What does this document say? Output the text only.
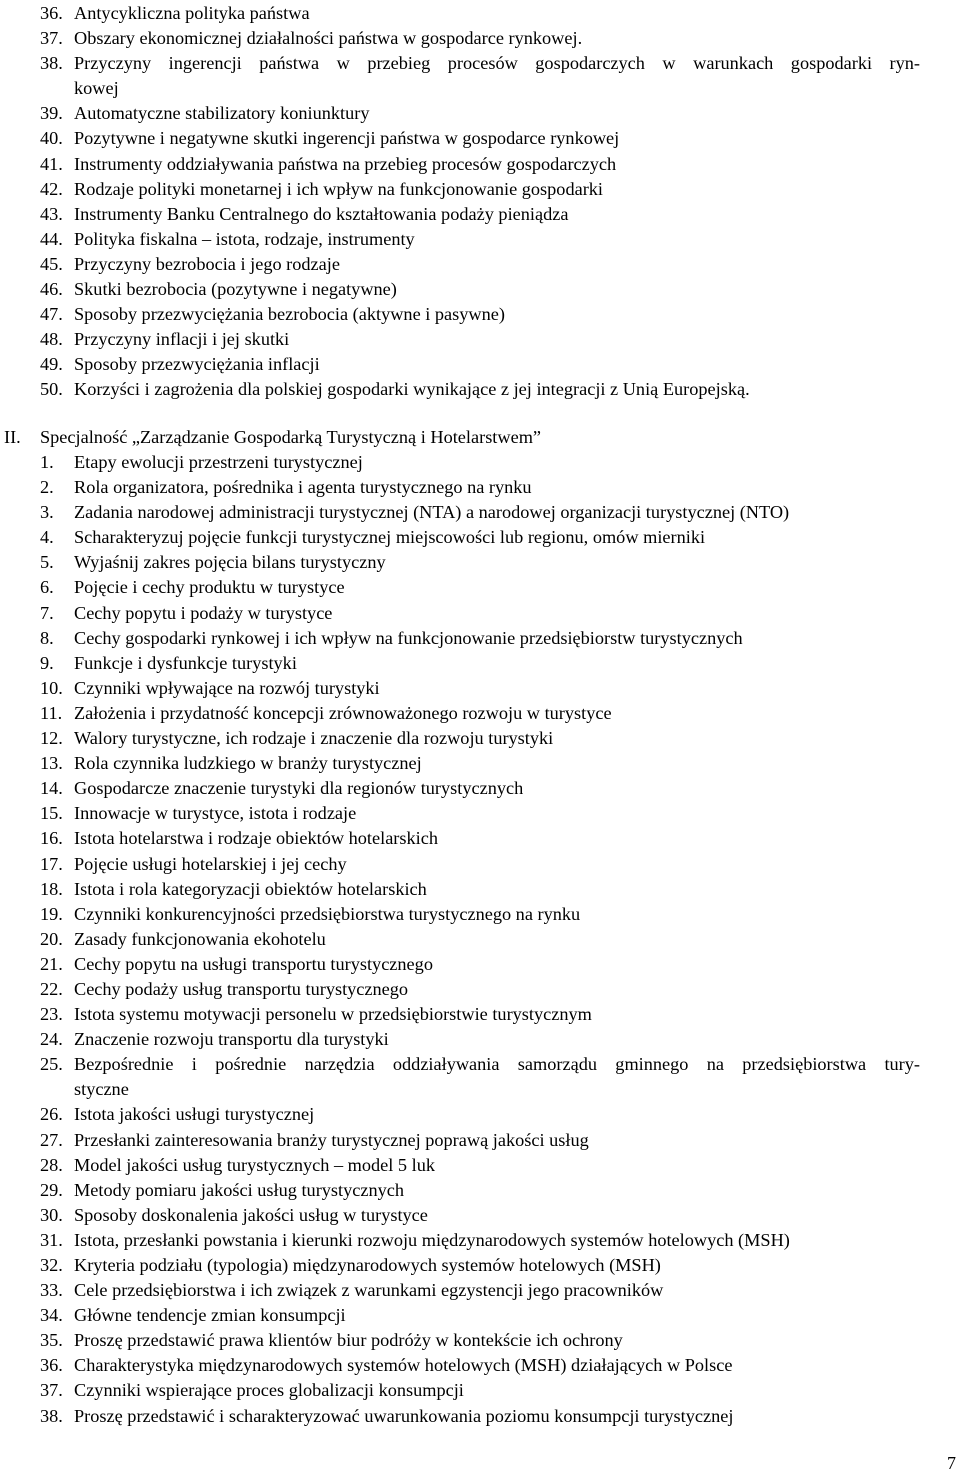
36. Antycykliczna polityka państwa
37. Obszary ekonomicznej działalności państwa w gospodarce rynkowej.
38. Przyczyny ingerencji państwa w przebieg procesów gospodarczych w warunkach gospodarki ryn-
kowej
39. Automatyczne stabilizatory koniunktury
40. Pozytywne i negatywne skutki ingerencji państwa w gospodarce rynkowej
41. Instrumenty oddziaływania państwa na przebieg procesów gospodarczych
42. Rodzaje polityki monetarnej i ich wpływ na funkcjonowanie gospodarki
43. Instrumenty Banku Centralnego do kształtowania podaży pieniądza
44. Polityka fiskalna – istota, rodzaje, instrumenty
45. Przyczyny bezrobocia i jego rodzaje
46. Skutki bezrobocia (pozytywne i negatywne)
47. Sposoby przezwyciężania bezrobocia (aktywne i pasywne)
48. Przyczyny inflacji i jej skutki
49. Sposoby przezwyciężania inflacji
50. Korzyści i zagrożenia dla polskiej gospodarki wynikające z jej integracji z Unią Europejską.
II.	Specjalność „Zarządzanie Gospodarką Turystyczną i Hotelarstwem”
1.	Etapy ewolucji przestrzeni turystycznej
2.	Rola organizatora, pośrednika i agenta turystycznego na rynku
3.	Zadania narodowej administracji turystycznej (NTA) a narodowej organizacji turystycznej (NTO)
4.	Scharakteryzuj pojęcie funkcji turystycznej miejscowości lub regionu, omów mierniki
5.	Wyjaśnij zakres pojęcia bilans turystyczny
6.	Pojęcie i cechy produktu w turystyce
7.	Cechy popytu i podaży w turystyce
8.	Cechy gospodarki rynkowej i ich wpływ na funkcjonowanie przedsiębiorstw turystycznych
9.	Funkcje i dysfunkcje turystyki
10. Czynniki wpływające na rozwój turystyki
11. Założenia i przydatność koncepcji zrównoważonego rozwoju w turystyce
12. Walory turystyczne, ich rodzaje i znaczenie dla rozwoju turystyki
13. Rola czynnika ludzkiego w branży turystycznej
14. Gospodarcze znaczenie turystyki dla regionów turystycznych
15. Innowacje w turystyce, istota i rodzaje
16. Istota hotelarstwa i rodzaje obiektów hotelarskich
17. Pojęcie usługi hotelarskiej i jej cechy
18. Istota i rola kategoryzacji obiektów hotelarskich
19. Czynniki konkurencyjności przedsiębiorstwa turystycznego na rynku
20. Zasady funkcjonowania ekohotelu
21. Cechy popytu na usługi transportu turystycznego
22. Cechy podaży usług transportu turystycznego
23. Istota systemu motywacji personelu w przedsiębiorstwie turystycznym
24. Znaczenie rozwoju transportu dla turystyki
25. Bezpośrednie i pośrednie narzędzia oddziaływania samorządu gminnego na przedsiębiorstwa tury-
styczne
26. Istota jakości usługi turystycznej
27. Przesłanki zainteresowania branży turystycznej poprawą jakości usług
28. Model jakości usług turystycznych – model 5 luk
29. Metody pomiaru jakości usług turystycznych
30. Sposoby doskonalenia jakości usług w turystyce
31. Istota, przesłanki powstania i kierunki rozwoju międzynarodowych systemów hotelowych (MSH)
32. Kryteria podziału (typologia) międzynarodowych systemów hotelowych (MSH)
33. Cele przedsiębiorstwa i ich związek z warunkami egzystencji jego pracowników
34. Główne tendencje zmian konsumpcji
35. Proszę przedstawić prawa klientów biur podróży w kontekście ich ochrony
36. Charakterystyka międzynarodowych systemów hotelowych (MSH) działających w Polsce
37. Czynniki wspierające proces globalizacji konsumpcji
38. Proszę przedstawić i scharakteryzować uwarunkowania poziomu konsumpcji turystycznej
7
